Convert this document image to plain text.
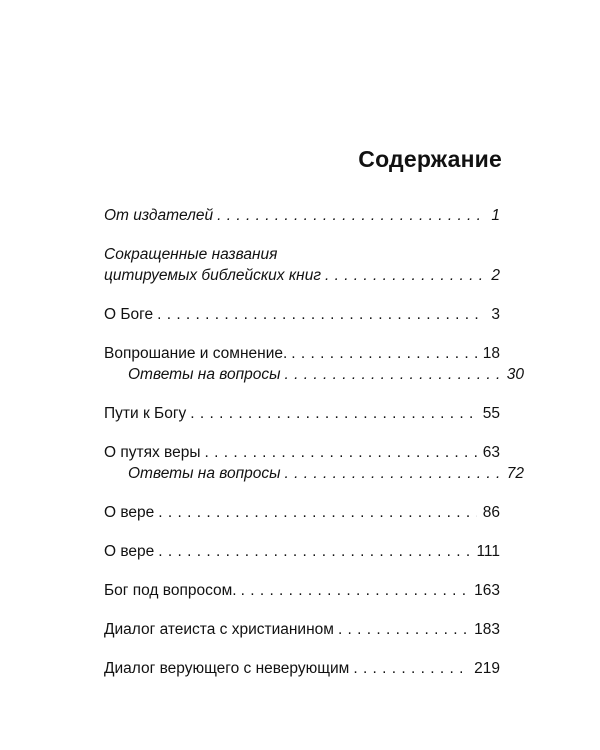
Содержание
От издателей . . .	1
Сокращенные названия
цитируемых библейских книг . . .	2
О Боге . . .	3
Вопрошание и сомнение. . . .	18
Ответы на вопросы . . .	30
Пути к Богу . . .	55
О путях веры . . .	63
Ответы на вопросы . . .	72
О вере . . .	86
О вере . . .	111
Бог под вопросом. . . .	163
Диалог атеиста с христианином . . .	183
Диалог верующего с неверующим . . .	219
